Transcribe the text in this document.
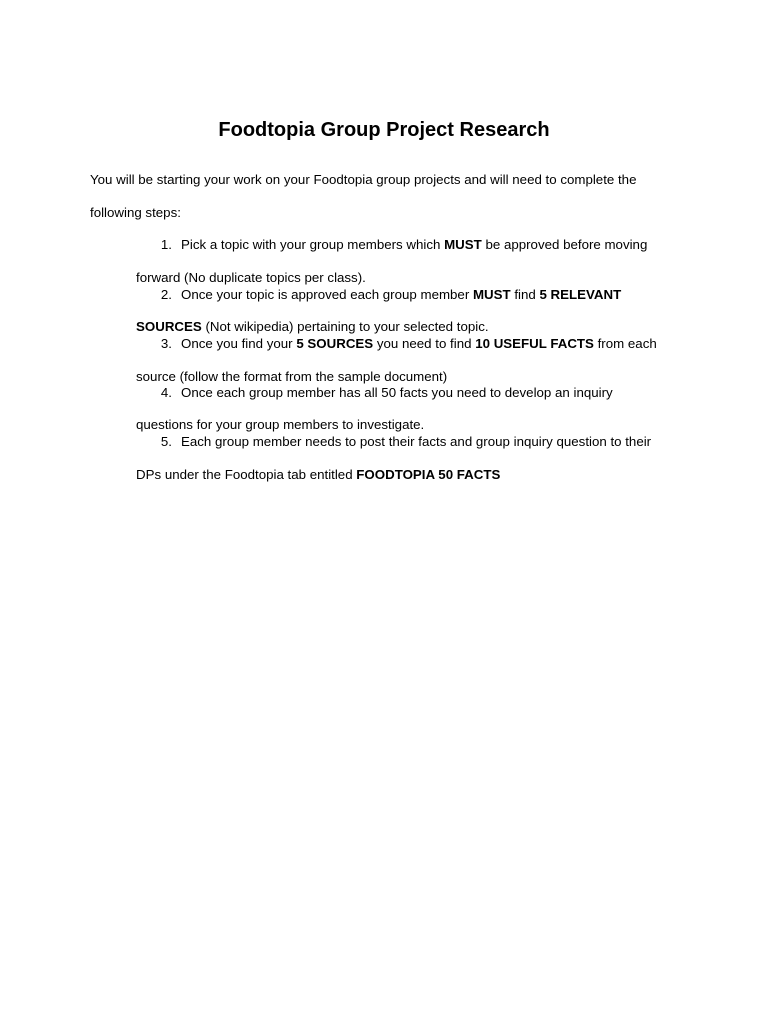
Foodtopia Group Project Research
You will be starting your work on your Foodtopia group projects and will need to complete the
following steps:
1. Pick a topic with your group members which MUST be approved before moving
forward (No duplicate topics per class).
2. Once your topic is approved each group member MUST find 5 RELEVANT
SOURCES (Not wikipedia) pertaining to your selected topic.
3. Once you find your 5 SOURCES you need to find 10 USEFUL FACTS from each
source (follow the format from the sample document)
4. Once each group member has all 50 facts you need to develop an inquiry
questions for your group members to investigate.
5. Each group member needs to post their facts and group inquiry question to their
DPs under the Foodtopia tab entitled FOODTOPIA 50 FACTS
